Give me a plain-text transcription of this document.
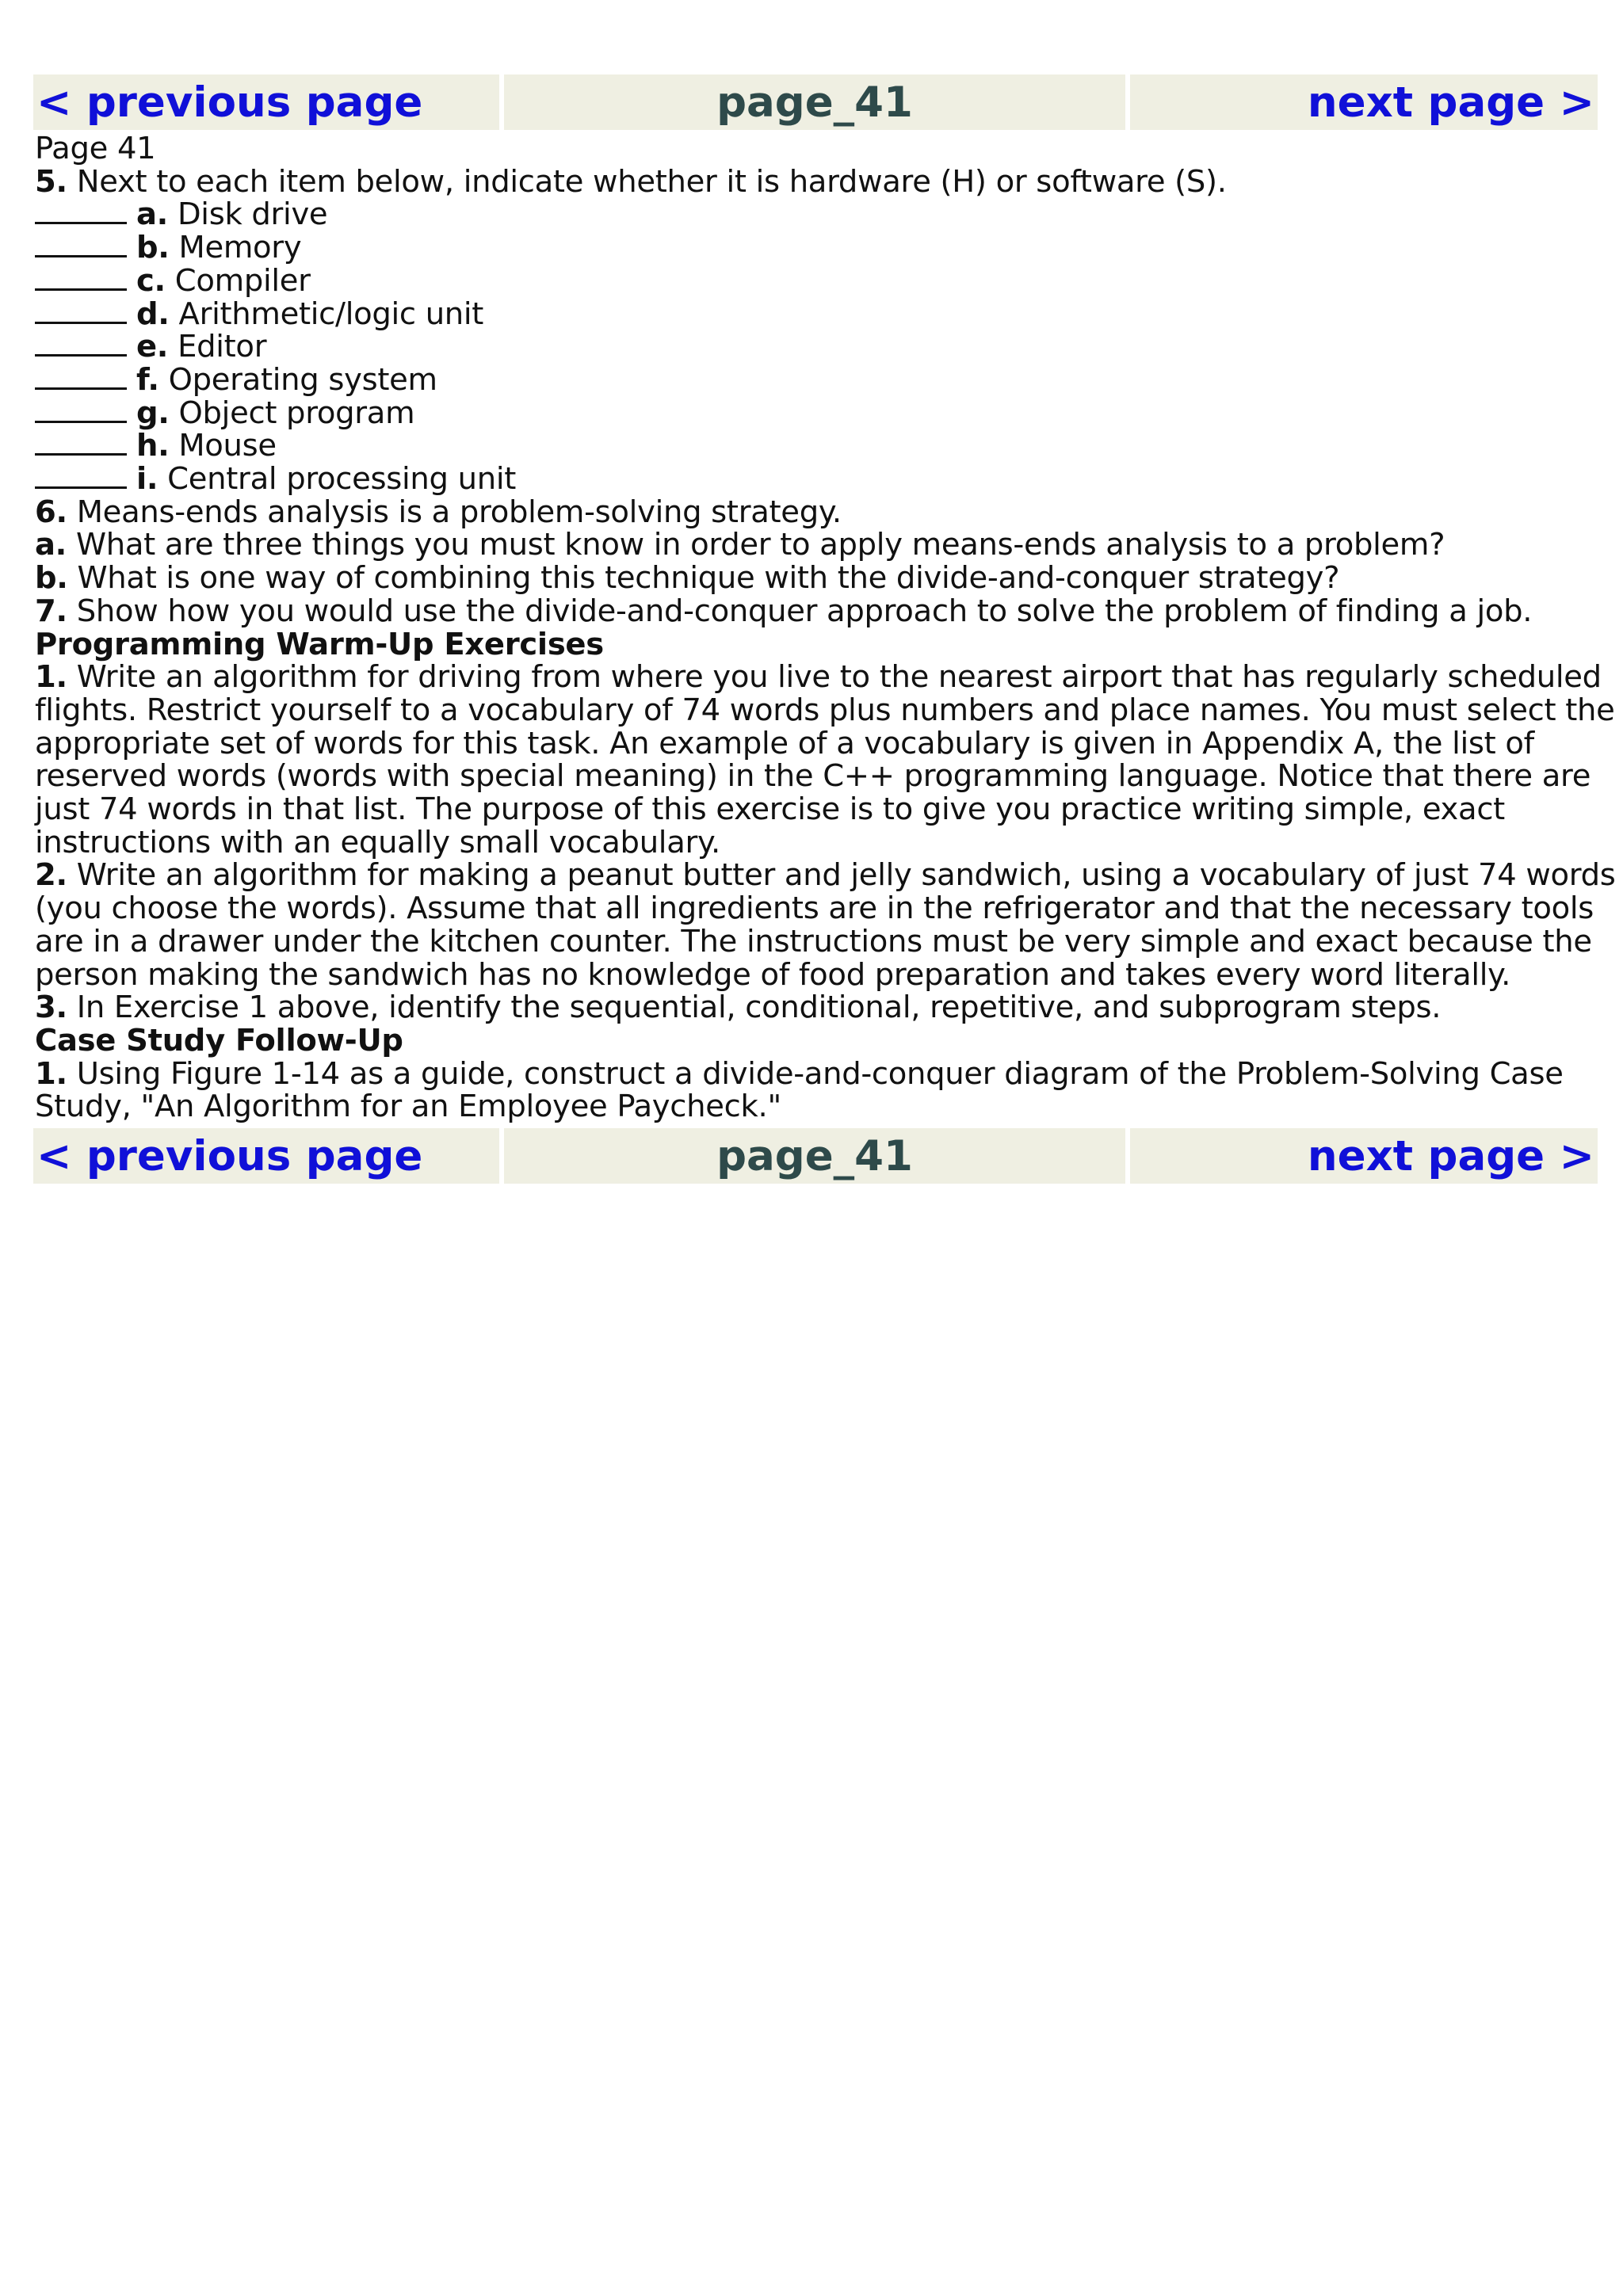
< previous page	page_41	next page >
Page 41
5. Next to each item below, indicate whether it is hardware (H) or software (S).
a. Disk drive
b. Memory
c. Compiler
d. Arithmetic/logic unit
e. Editor
f. Operating system
g. Object program
h. Mouse
i. Central processing unit
6. Means-ends analysis is a problem-solving strategy.
a. What are three things you must know in order to apply means-ends analysis to a problem?
b. What is one way of combining this technique with the divide-and-conquer strategy?
7. Show how you would use the divide-and-conquer approach to solve the problem of finding a job.
Programming Warm-Up Exercises
1. Write an algorithm for driving from where you live to the nearest airport that has regularly scheduled
flights. Restrict yourself to a vocabulary of 74 words plus numbers and place names. You must select the
appropriate set of words for this task. An example of a vocabulary is given in Appendix A, the list of
reserved words (words with special meaning) in the C++ programming language. Notice that there are
just 74 words in that list. The purpose of this exercise is to give you practice writing simple, exact
instructions with an equally small vocabulary.
2. Write an algorithm for making a peanut butter and jelly sandwich, using a vocabulary of just 74 words
(you choose the words). Assume that all ingredients are in the refrigerator and that the necessary tools
are in a drawer under the kitchen counter. The instructions must be very simple and exact because the
person making the sandwich has no knowledge of food preparation and takes every word literally.
3. In Exercise 1 above, identify the sequential, conditional, repetitive, and subprogram steps.
Case Study Follow-Up
1. Using Figure 1-14 as a guide, construct a divide-and-conquer diagram of the Problem-Solving Case
Study, "An Algorithm for an Employee Paycheck."
< previous page	page_41	next page >
